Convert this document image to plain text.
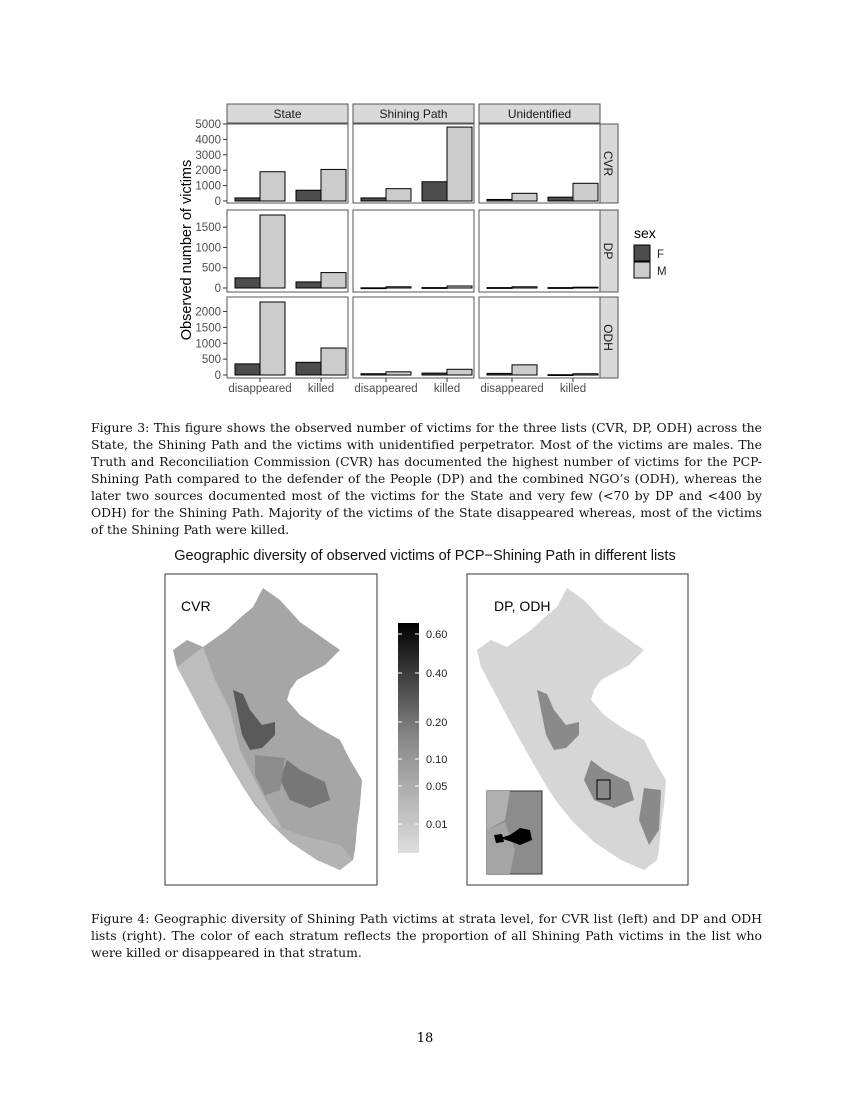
State	Shining Path	Unidentified
CVR
0
1000
2000
3000
4000
5000
DP
0
500
1000
1500
ODH
0
500
1000
1500
2000
disappeared killed disappeared killed disappeared killed
Observed number of victims	sex
F
M
Figure 3: This figure shows the observed number of victims for the three lists (CVR, DP, ODH) across the State, the Shining Path and the victims with unidentified perpetrator. Most of the victims are males. The Truth and Reconciliation Commission (CVR) has documented the highest number of victims for the PCP-Shining Path compared to the defender of the People (DP) and the combined NGO’s (ODH), whereas the later two sources documented most of the victims for the State and very few (<70 by DP and <400 by ODH) for the Shining Path. Majority of the victims of the State disappeared whereas, most of the victims of the Shining Path were killed.
Geographic diversity of observed victims of PCP−Shining Path in different lists
CVR
0.60
0.40
0.20
0.10
0.05
0.01
DP, ODH
Figure 4: Geographic diversity of Shining Path victims at strata level, for CVR list (left) and DP and ODH lists (right). The color of each stratum reflects the proportion of all Shining Path victims in the list who were killed or disappeared in that stratum.
18
